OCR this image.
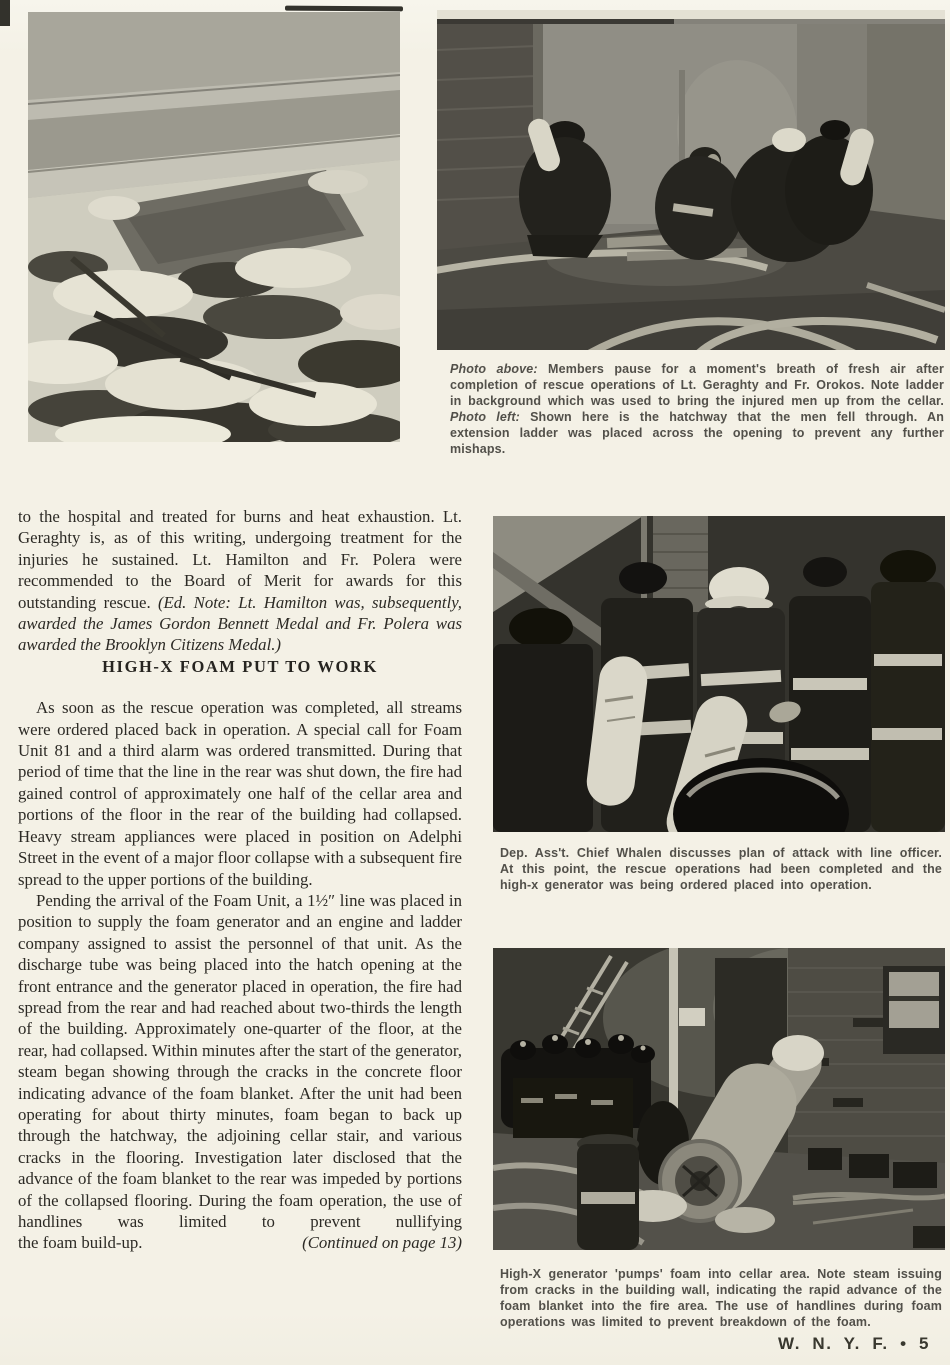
Photo above: Members pause for a moment's breath of fresh air after completion of rescue operations of Lt. Geraghty and Fr. Orokos. Note ladder in background which was used to bring the injured men up from the cellar. Photo left: Shown here is the hatchway that the men fell through. An extension ladder was placed across the opening to prevent any further mishaps.

to the hospital and treated for burns and heat exhaustion. Lt. Geraghty is, as of this writing, undergoing treatment for the injuries he sustained. Lt. Hamilton and Fr. Polera were recommended to the Board of Merit for awards for this outstanding rescue. (Ed. Note: Lt. Hamilton was, subsequently, awarded the James Gordon Bennett Medal and Fr. Polera was awarded the Brooklyn Citizens Medal.)

HIGH-X FOAM PUT TO WORK

As soon as the rescue operation was completed, all streams were ordered placed back in operation. A special call for Foam Unit 81 and a third alarm was ordered transmitted. During that period of time that the line in the rear was shut down, the fire had gained control of approximately one half of the cellar area and portions of the floor in the rear of the building had collapsed. Heavy stream appliances were placed in position on Adelphi Street in the event of a major floor collapse with a subsequent fire spread to the upper portions of the building.

Pending the arrival of the Foam Unit, a 1½″ line was placed in position to supply the foam generator and an engine and ladder company assigned to assist the personnel of that unit. As the discharge tube was being placed into the hatch opening at the front entrance and the generator placed in operation, the fire had spread from the rear and had reached about two-thirds the length of the building. Approximately one-quarter of the floor, at the rear, had collapsed. Within minutes after the start of the generator, steam began showing through the cracks in the concrete floor indicating advance of the foam blanket. After the unit had been operating for about thirty minutes, foam began to back up through the hatchway, the adjoining cellar stair, and various cracks in the flooring. Investigation later disclosed that the advance of the foam blanket to the rear was impeded by portions of the collapsed flooring. During the foam operation, the use of handlines was limited to prevent nullifying

the foam build-up.	(Continued on page 13)
Dep. Ass't. Chief Whalen discusses plan of attack with line officer. At this point, the rescue operations had been completed and the high-x generator was being ordered placed into operation.
High-X generator 'pumps' foam into cellar area. Note steam issuing from cracks in the building wall, indicating the rapid advance of the foam blanket into the fire area. The use of handlines during foam operations was limited to prevent breakdown of the foam.
W. N. Y. F. • 5
